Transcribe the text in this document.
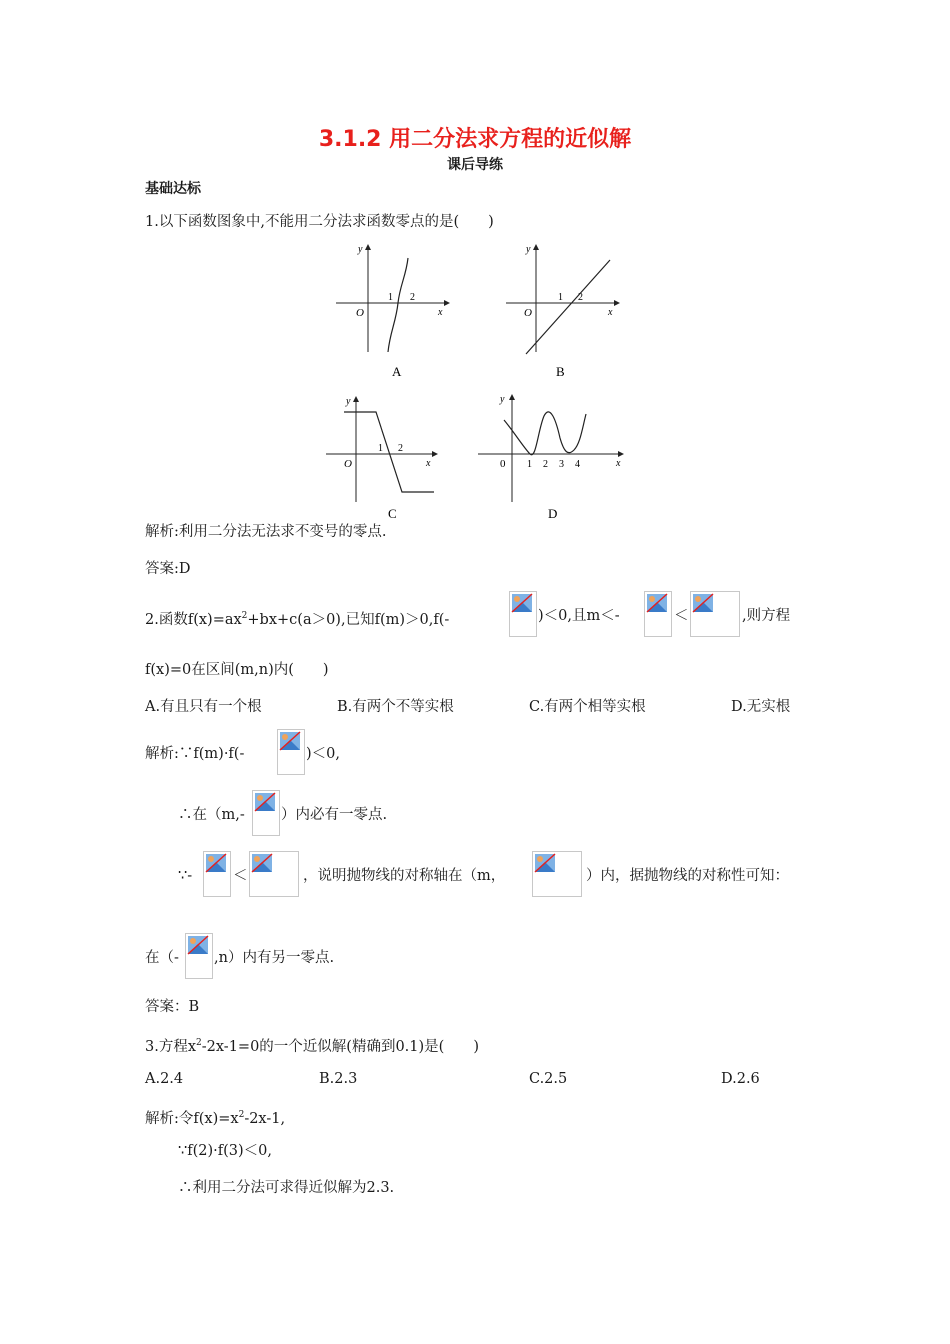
3.1.2 用二分法求方程的近似解
课后导练
基础达标
1.以下函数图象中,不能用二分法求函数零点的是(　　)
y
x
O
1 2
A
y
x
O
1 2
B
y
x
O
1 2
C
y
x
0 1 2 3 4
D
解析:利用二分法无法求不变号的零点.
答案:D
2.函数$f(x)=ax^2+bx+c(a>0)$,已知f(m)＞0,f(-	)＜0,且m＜-	＜	,则方程
f(x)=0在区间(m,n)内(　　)
A.有且只有一个根	B.有两个不等实根	C.有两个相等实根	D.无实根
解析:∵f(m)·f(-	)＜0,
∴在（m,- ）内必有一零点.
∵-	＜	，说明抛物线的对称轴在（m，	）内，据抛物线的对称性可知：
在（- ,n）内有另一零点.
答案：B
3.方程$x^2-2x-1=0$的一个近似解(精确到0.1)是(　　)
A.2.4	B.2.3	C.2.5	D.2.6
解析:令$f(x)=x^2-2x-1$,
∵f(2)·f(3)＜0,
∴利用二分法可求得近似解为2.3.
